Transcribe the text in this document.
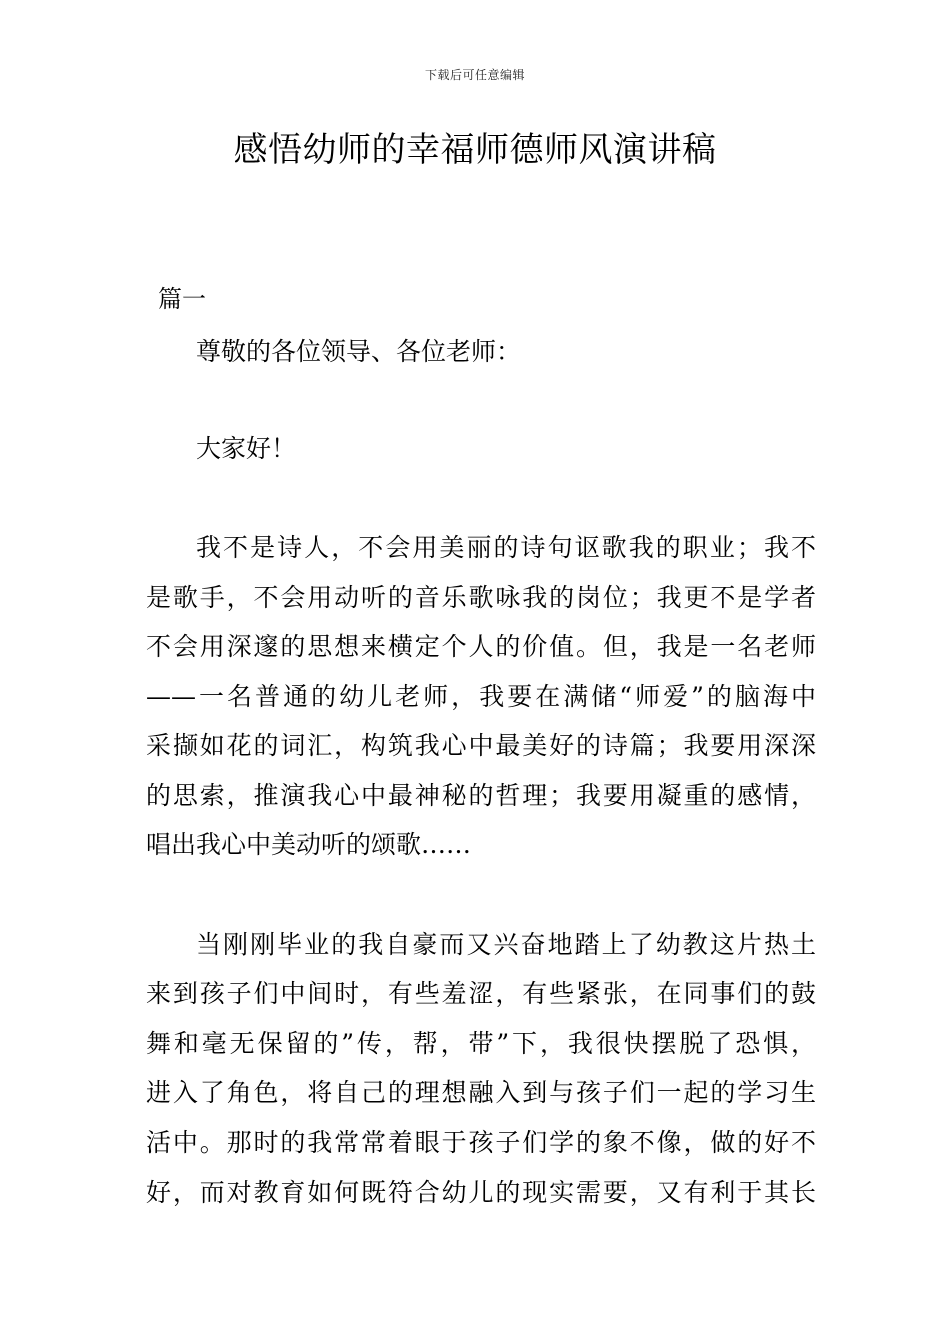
下载后可任意编辑
感悟幼师的幸福师德师风演讲稿
篇一
尊敬的各位领导、各位老师：
大家好！
我不是诗人，不会用美丽的诗句讴歌我的职业；我不
是歌手，不会用动听的音乐歌咏我的岗位；我更不是学者
不会用深邃的思想来横定个人的价值。但，我是一名老师
——一名普通的幼儿老师，我要在满储“师爱”的脑海中
采撷如花的词汇，构筑我心中最美好的诗篇；我要用深深
的思索，推演我心中最神秘的哲理；我要用凝重的感情，
唱出我心中美动听的颂歌……
当刚刚毕业的我自豪而又兴奋地踏上了幼教这片热土
来到孩子们中间时，有些羞涩，有些紧张，在同事们的鼓
舞和毫无保留的”传，帮，带”下，我很快摆脱了恐惧，
进入了角色，将自己的理想融入到与孩子们一起的学习生
活中。那时的我常常着眼于孩子们学的象不像，做的好不
好，而对教育如何既符合幼儿的现实需要，又有利于其长
